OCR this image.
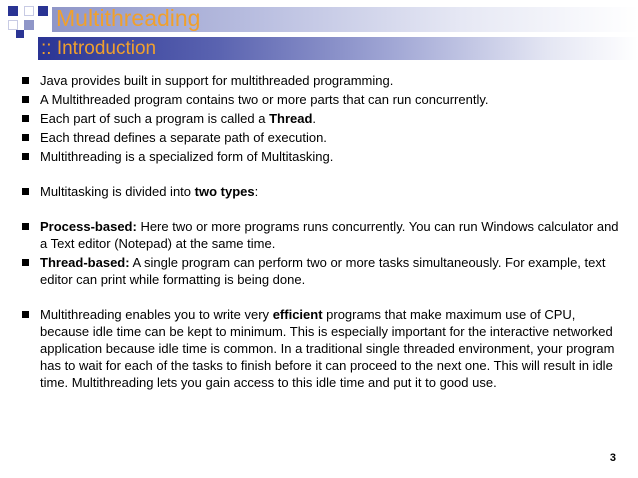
Multithreading
:: Introduction
Java provides built in support for multithreaded programming.
A Multithreaded program contains two or more parts that can run concurrently.
Each part of such a program is called a Thread.
Each thread defines a separate path of execution.
Multithreading is a specialized form of Multitasking.
Multitasking is divided into two types:
Process-based: Here two or more programs runs concurrently. You can run Windows calculator and a Text editor (Notepad) at the same time.
Thread-based: A single program can perform two or more tasks simultaneously. For example, text editor can print while formatting is being done.
Multithreading enables you to write very efficient programs that make maximum use of CPU, because idle time can be kept to minimum. This is especially important for the interactive networked application because idle time is common. In a traditional single threaded environment, your program has to wait for each of the tasks to finish before it can proceed to the next one. This will result in idle time. Multithreading lets you gain access to this idle time and put it to good use.
3
